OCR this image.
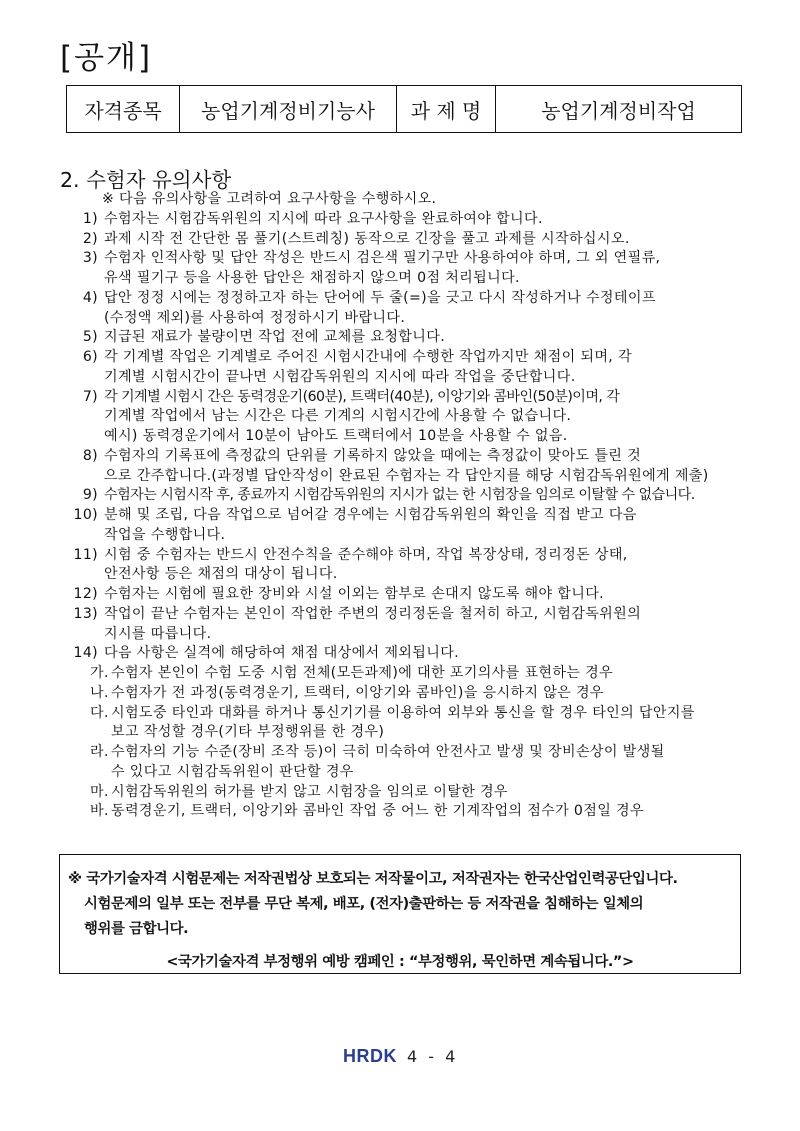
[공개]
자격종목	농업기계정비기능사	과 제 명	농업기계정비작업
2. 수험자 유의사항
※ 다음 유의사항을 고려하여 요구사항을 수행하시오.
1) 수험자는 시험감독위원의 지시에 따라 요구사항을 완료하여야 합니다.
2) 과제 시작 전 간단한 몸 풀기(스트레칭) 동작으로 긴장을 풀고 과제를 시작하십시오.
3) 수험자 인적사항 및 답안 작성은 반드시 검은색 필기구만 사용하여야 하며, 그 외 연필류,
유색 필기구 등을 사용한 답안은 채점하지 않으며 0점 처리됩니다.
4) 답안 정정 시에는 정정하고자 하는 단어에 두 줄(=)을 긋고 다시 작성하거나 수정테이프
(수정액 제외)를 사용하여 정정하시기 바랍니다.
5) 지급된 재료가 불량이면 작업 전에 교체를 요청합니다.
6) 각 기계별 작업은 기계별로 주어진 시험시간내에 수행한 작업까지만 채점이 되며, 각
기계별 시험시간이 끝나면 시험감독위원의 지시에 따라 작업을 중단합니다.
7) 각 기계별 시험시 간은 동력경운기(60분), 트랙터(40분), 이앙기와 콤바인(50분)이며, 각
기계별 작업에서 남는 시간은 다른 기계의 시험시간에 사용할 수 없습니다.
예시) 동력경운기에서 10분이 남아도 트랙터에서 10분을 사용할 수 없음.
8) 수험자의 기록표에 측정값의 단위를 기록하지 않았을 때에는 측정값이 맞아도 틀린 것
으로 간주합니다.(과정별 답안작성이 완료된 수험자는 각 답안지를 해당 시험감독위원에게 제출)
9) 수험자는 시험시작 후, 종료까지 시험감독위원의 지시가 없는 한 시험장을 임의로 이탈할 수 없습니다.
10) 분해 및 조립, 다음 작업으로 넘어갈 경우에는 시험감독위원의 확인을 직접 받고 다음
작업을 수행합니다.
11) 시험 중 수험자는 반드시 안전수칙을 준수해야 하며, 작업 복장상태, 정리정돈 상태,
안전사항 등은 채점의 대상이 됩니다.
12) 수험자는 시험에 필요한 장비와 시설 이외는 함부로 손대지 않도록 해야 합니다.
13) 작업이 끝난 수험자는 본인이 작업한 주변의 정리정돈을 철저히 하고, 시험감독위원의
지시를 따릅니다.
14) 다음 사항은 실격에 해당하여 채점 대상에서 제외됩니다.
가. 수험자 본인이 수험 도중 시험 전체(모든과제)에 대한 포기의사를 표현하는 경우
나. 수험자가 전 과정(동력경운기, 트랙터, 이앙기와 콤바인)을 응시하지 않은 경우
다. 시험도중 타인과 대화를 하거나 통신기기를 이용하여 외부와 통신을 할 경우 타인의 답안지를
보고 작성할 경우(기타 부정행위를 한 경우)
라. 수험자의 기능 수준(장비 조작 등)이 극히 미숙하여 안전사고 발생 및 장비손상이 발생될
수 있다고 시험감독위원이 판단할 경우
마. 시험감독위원의 허가를 받지 않고 시험장을 임의로 이탈한 경우
바. 동력경운기, 트랙터, 이앙기와 콤바인 작업 중 어느 한 기계작업의 점수가 0점일 경우
※ 국가기술자격 시험문제는 저작권법상 보호되는 저작물이고, 저작권자는 한국산업인력공단입니다.
시험문제의 일부 또는 전부를 무단 복제, 배포, (전자)출판하는 등 저작권을 침해하는 일체의
행위를 금합니다.
<국가기술자격 부정행위 예방 캠페인 : “부정행위, 묵인하면 계속됩니다.”>
HRDK 4 - 4
